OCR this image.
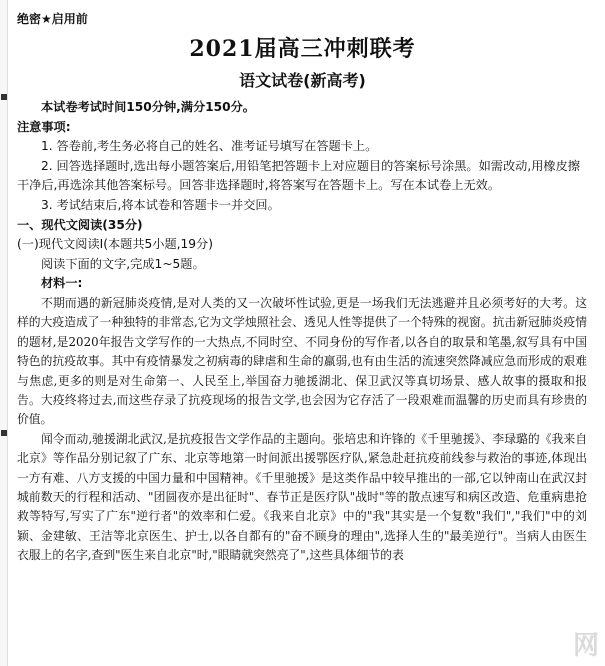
绝密★启用前
2021届高三冲刺联考
语文试卷(新高考)

本试卷考试时间150分钟,满分150分。

注意事项:

1. 答卷前,考生务必将自己的姓名、准考证号填写在答题卡上。

2. 回答选择题时,选出每小题答案后,用铅笔把答题卡上对应题目的答案标号涂黑。如需改动,用橡皮擦干净后,再选涂其他答案标号。回答非选择题时,将答案写在答题卡上。写在本试卷上无效。

3. 考试结束后,将本试卷和答题卡一并交回。

一、现代文阅读(35分)

(一)现代文阅读Ⅰ(本题共5小题,19分)

阅读下面的文字,完成1~5题。

材料一:

不期而遇的新冠肺炎疫情,是对人类的又一次破坏性试验,更是一场我们无法逃避并且必须考好的大考。这样的大疫造成了一种独特的非常态,它为文学烛照社会、透见人性等提供了一个特殊的视窗。抗击新冠肺炎疫情的题材,是2020年报告文学写作的一大热点,不同时空、不同身份的写作者,以各自的取景和笔墨,叙写具有中国特色的抗疫故事。其中有疫情暴发之初病毒的肆虐和生命的羸弱,也有由生活的流速突然降减应急而形成的艰难与焦虑,更多的则是对生命第一、人民至上,举国奋力驰援湖北、保卫武汉等真切场景、感人故事的摄取和报告。大疫终将过去,而这些存录了抗疫现场的报告文学,也会因为它存活了一段艰难而温馨的历史而具有珍贵的价值。

闻令而动,驰援湖北武汉,是抗疫报告文学作品的主题向。张培忠和许锋的《千里驰援》、李琭璐的《我来自北京》等作品分别记叙了广东、北京等地第一时间派出援鄂医疗队,紧急赴赶抗疫前线参与救治的事迹,体现出一方有难、八方支援的中国力量和中国精神。《千里驰援》是这类作品中较早推出的一部,它以钟南山在武汉封城前数天的行程和活动、"团圆夜亦是出征时"、春节正是医疗队"战时"等的散点速写和病区改造、危重病患抢救等特写,写实了广东"逆行者"的效率和仁爱。《我来自北京》中的"我"其实是一个复数"我们","我们"中的刘颖、金建敏、王洁等北京医生、护士,以各自都有的"奋不顾身的理由",选择人生的"最美逆行"。当病人由医生衣服上的名字,查到"医生来自北京"时,"眼睛就突然亮了",这些具体细节的表

网
